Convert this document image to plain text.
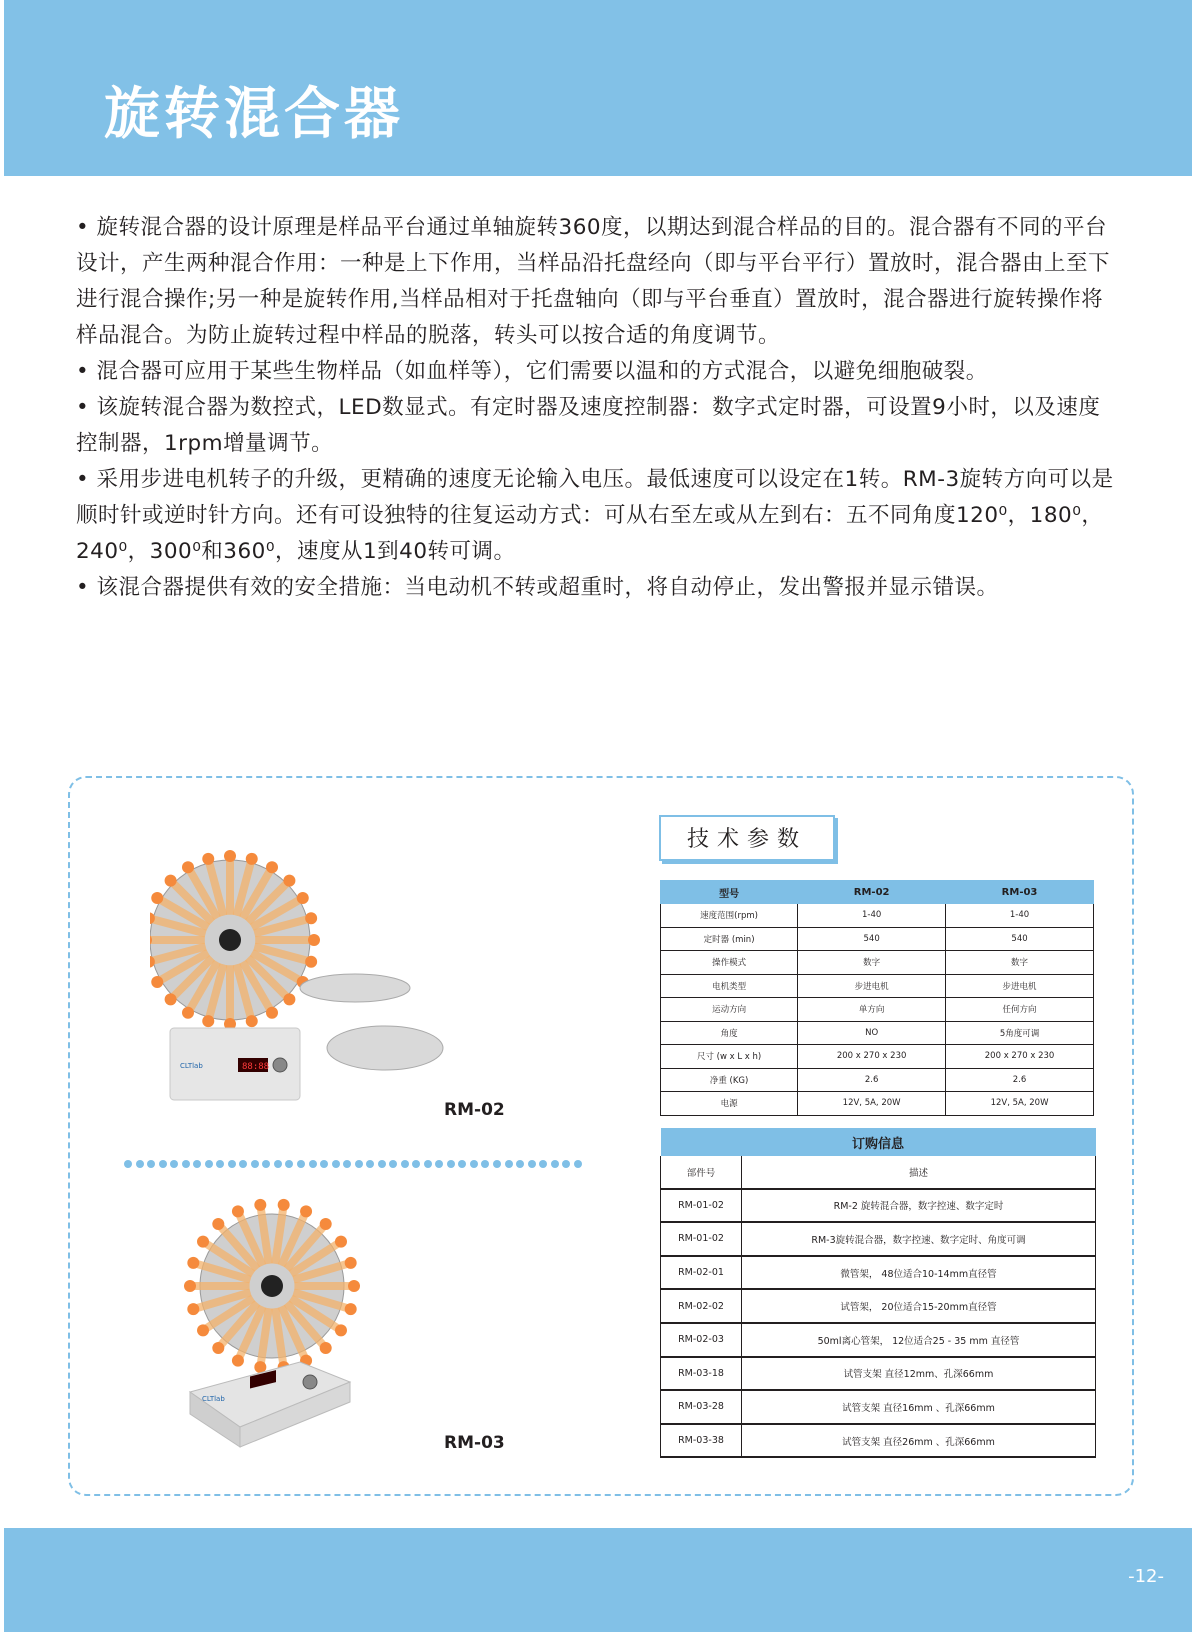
旋转混合器

• 旋转混合器的设计原理是样品平台通过单轴旋转360度，以期达到混合样品的目的。混合器有不同的平台设计，产生两种混合作用：一种是上下作用，当样品沿托盘经向（即与平台平行）置放时，混合器由上至下进行混合操作;另一种是旋转作用,当样品相对于托盘轴向（即与平台垂直）置放时，混合器进行旋转操作将样品混合。为防止旋转过程中样品的脱落，转头可以按合适的角度调节。

• 混合器可应用于某些生物样品（如血样等），它们需要以温和的方式混合，以避免细胞破裂。

• 该旋转混合器为数控式，LED数显式。有定时器及速度控制器：数字式定时器，可设置9小时，以及速度控制器，1rpm增量调节。

• 采用步进电机转子的升级，更精确的速度无论输入电压。最低速度可以设定在1转。RM-3旋转方向可以是顺时针或逆时针方向。还有可设独特的往复运动方式：可从右至左或从左到右：五不同角度120⁰，180⁰，240⁰，300⁰和360⁰，速度从1到40转可调。

• 该混合器提供有效的安全措施：当电动机不转或超重时，将自动停止，发出警报并显示错误。

88:88
CLTlab
RM-02
CLTlab
RM-03
技术参数
型号	RM-02	RM-03
速度范围(rpm)	1-40	1-40
定时器 (min)	540	540
操作模式	数字	数字
电机类型	步进电机	步进电机
运动方向	单方向	任何方向
角度	NO	5角度可调
尺寸 (w x L x h)	200 x 270 x 230	200 x 270 x 230
净重 (KG)	2.6	2.6
电源	12V, 5A, 20W	12V, 5A, 20W
订购信息	
部件号	描述
RM-01-02	RM-2 旋转混合器，数字控速、数字定时
RM-01-02	RM-3旋转混合器，数字控速、数字定时、角度可调
RM-02-01	微管架， 48位适合10-14mm直径管
RM-02-02	试管架， 20位适合15-20mm直径管
RM-02-03	50ml离心管架， 12位适合25 - 35 mm 直径管
RM-03-18	试管支架 直径12mm、孔深66mm
RM-03-28	试管支架 直径16mm 、孔深66mm
RM-03-38	试管支架 直径26mm 、孔深66mm
-12-
